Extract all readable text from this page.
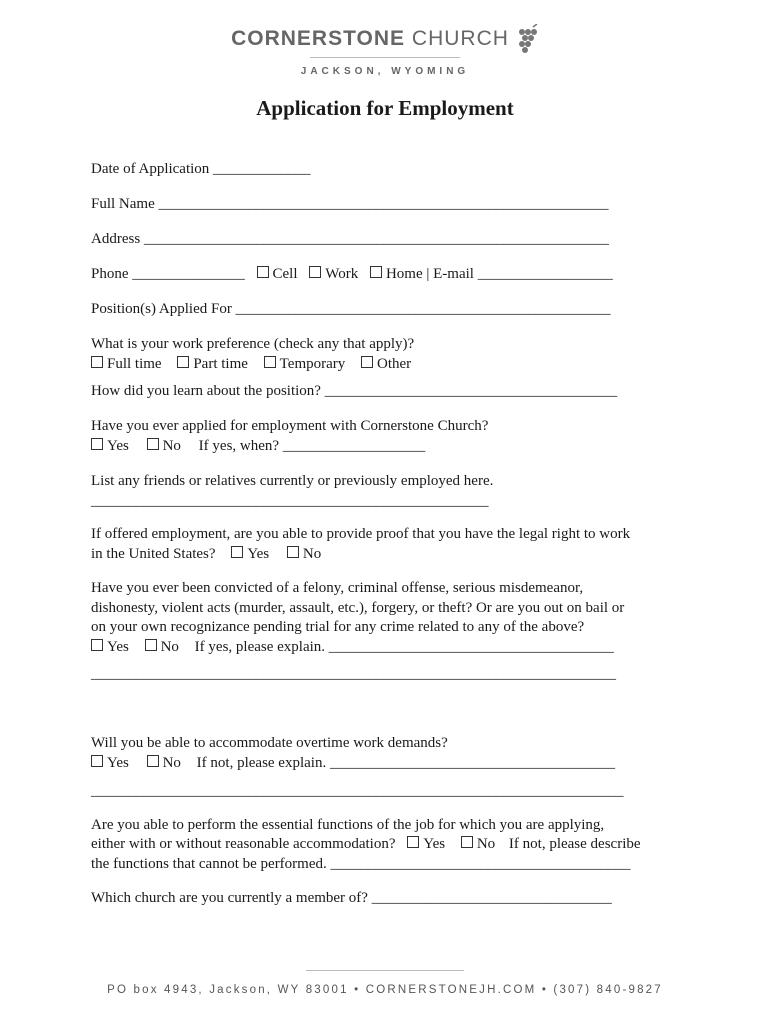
CORNERSTONE CHURCH
JACKSON, WYOMING
Application for Employment
Date of Application _____________
Full Name ____________________________________________________________
Address ______________________________________________________________
Phone _______________ Cell Work Home | E-mail __________________
Position(s) Applied For __________________________________________________
What is your work preference (check any that apply)?
Full time Part time Temporary Other
How did you learn about the position? _______________________________________
Have you ever applied for employment with Cornerstone Church?
Yes No If yes, when? ___________________
List any friends or relatives currently or previously employed here.
_____________________________________________________
If offered employment, are you able to provide proof that you have the legal right to work
in the United States? Yes No
Have you ever been convicted of a felony, criminal offense, serious misdemeanor,
dishonesty, violent acts (murder, assault, etc.), forgery, or theft? Or are you out on bail or
on your own recognizance pending trial for any crime related to any of the above?
Yes No If yes, please explain. ______________________________________
______________________________________________________________________
Will you be able to accommodate overtime work demands?
Yes No If not, please explain. ______________________________________
_______________________________________________________________________
Are you able to perform the essential functions of the job for which you are applying,
either with or without reasonable accommodation? Yes No If not, please describe
the functions that cannot be performed. ________________________________________
Which church are you currently a member of? ________________________________
PO box 4943, Jackson, WY 83001 • CORNERSTONEJH.COM • (307) 840-9827
